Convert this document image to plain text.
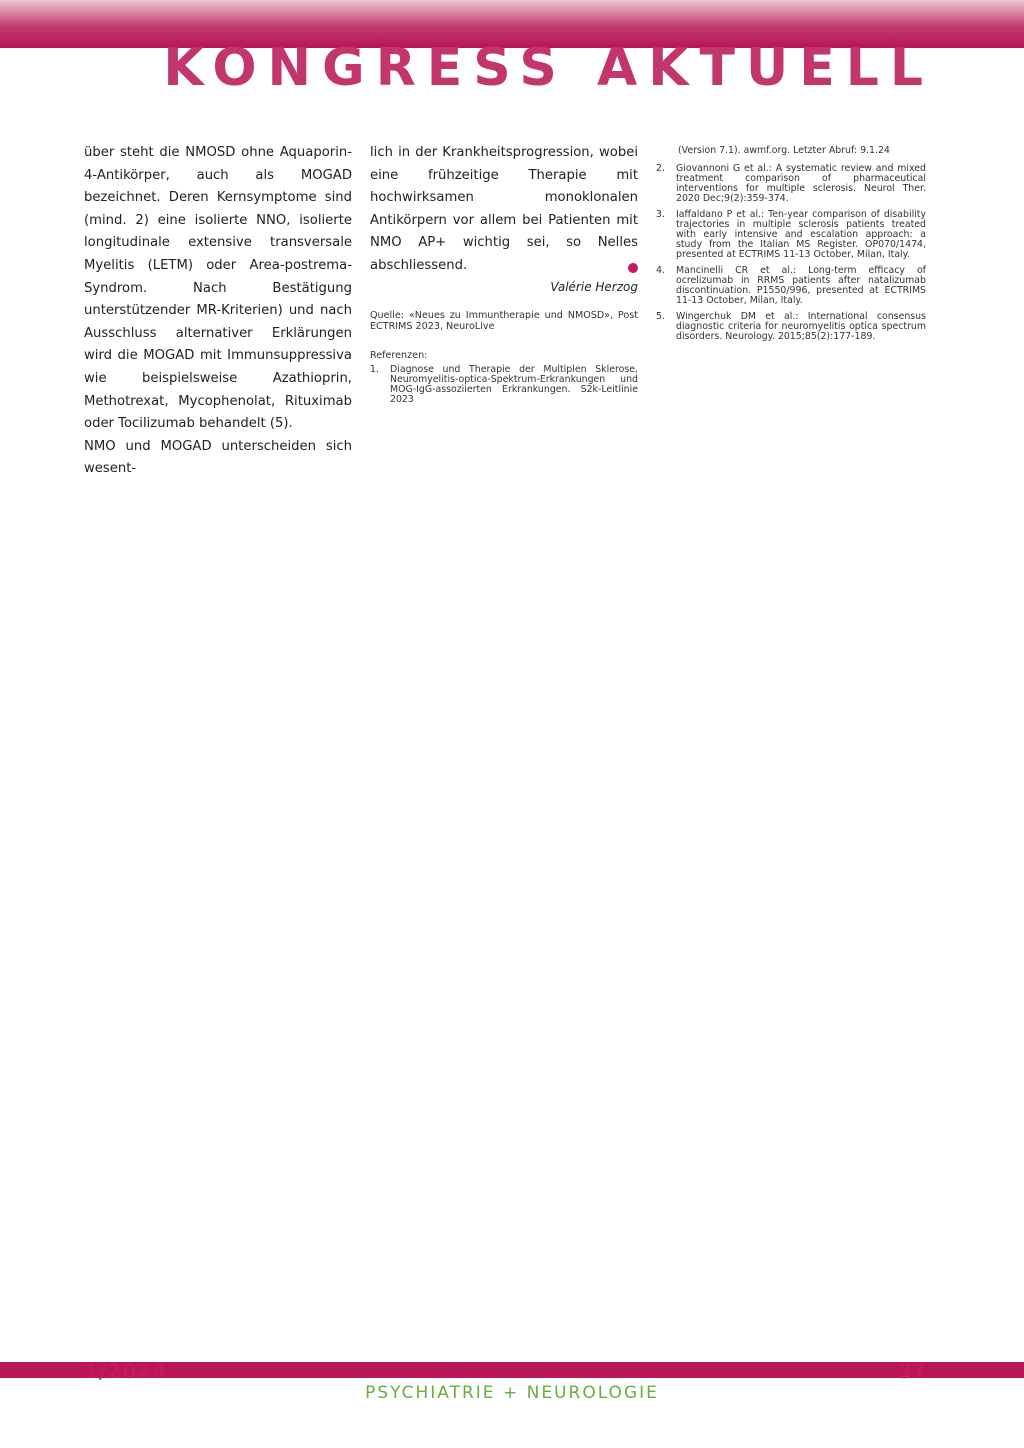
KONGRESS AKTUELL

über steht die NMOSD ohne Aquaporin-4-Antikörper, auch als MOGAD bezeichnet. Deren Kernsymptome sind (mind. 2) eine isolierte NNO, isolierte longitudinale extensive transversale Myelitis (LETM) oder Area-postrema-Syndrom. Nach Bestätigung unterstützender MR-Kriterien) und nach Ausschluss alternativer Erklärungen wird die MOGAD mit Immunsuppressiva wie beispielsweise Azathioprin, Methotrexat, Mycophenolat, Rituximab oder Tocilizumab behandelt (5).

NMO und MOGAD unterscheiden sich wesent-

lich in der Krankheitsprogression, wobei eine frühzeitige Therapie mit hochwirksamen monoklonalen Antikörpern vor allem bei Patienten mit NMO AP+ wichtig sei, so Nelles abschliessend.

Valérie Herzog

Quelle: «Neues zu Immuntherapie und NMOSD», Post ECTRIMS 2023, NeuroLive

Referenzen:

1.	Diagnose und Therapie der Multiplen Sklerose, Neuromyelitis-optica-Spektrum-Erkrankungen und MOG-IgG-assoziierten Erkrankungen. S2k-Leitlinie 2023

(Version 7.1). awmf.org. Letzter Abruf: 9.1.24

2.	Giovannoni G et al.: A systematic review and mixed treatment comparison of pharmaceutical interventions for multiple sclerosis. Neurol Ther. 2020 Dec;9(2):359-374.
3.	Iaffaldano P et al.: Ten-year comparison of disability trajectories in multiple sclerosis patients treated with early intensive and escalation approach: a study from the Italian MS Register. OP070/1474, presented at ECTRIMS 11-13 October, Milan, Italy.
4.	Mancinelli CR et al.: Long-term efficacy of ocrelizumab in RRMS patients after natalizumab discontinuation. P1550/996, presented at ECTRIMS 11-13 October, Milan, Italy.
5.	Wingerchuk DM et al.: International consensus diagnostic criteria for neuromyelitis optica spectrum disorders. Neurology. 2015;85(2):177-189.

1/2024	37

PSYCHIATRIE + NEUROLOGIE
